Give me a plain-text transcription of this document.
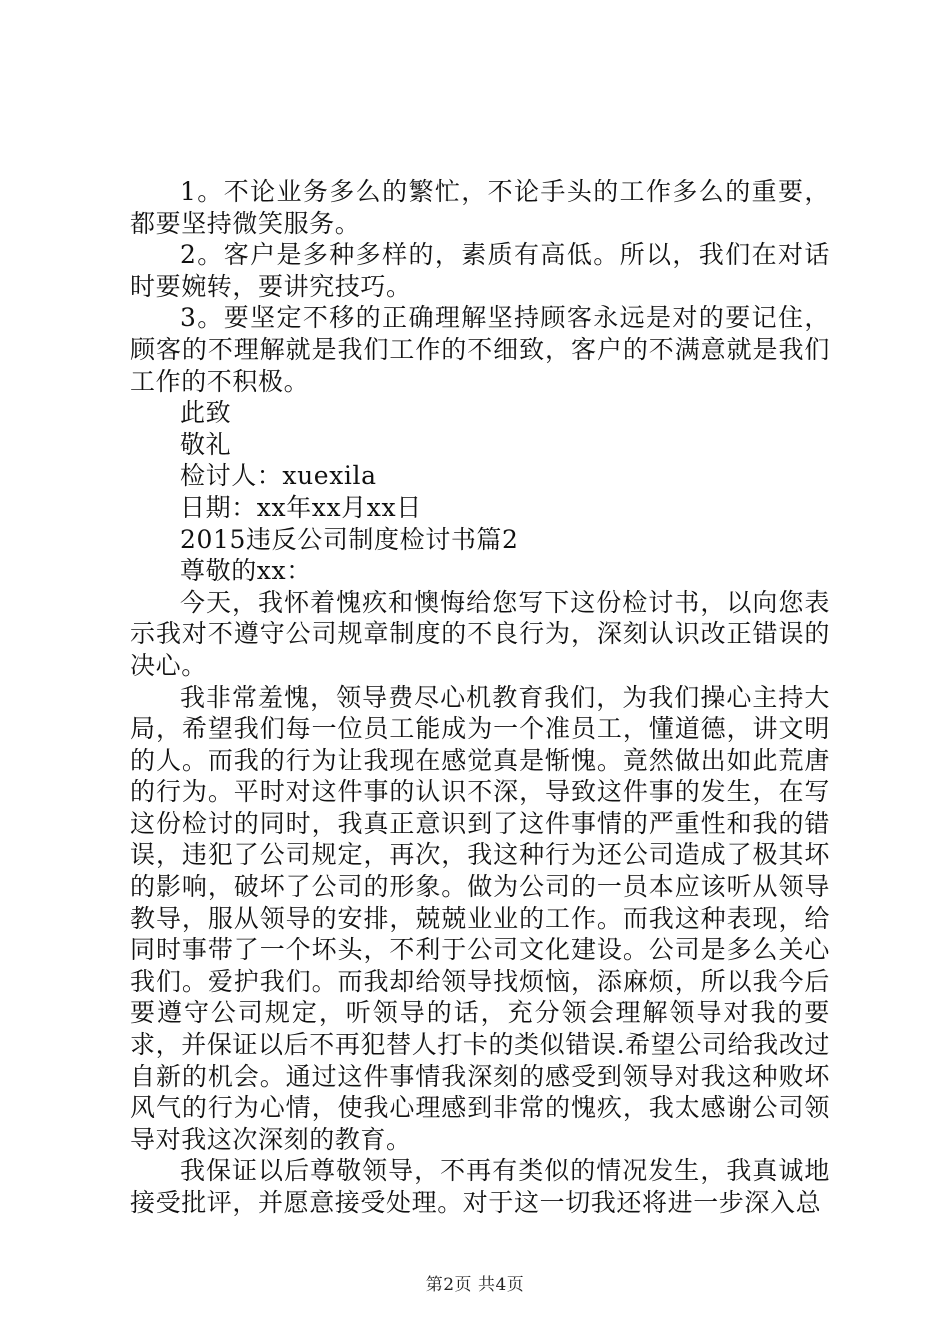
1。不论业务多么的繁忙，不论手头的工作多么的重要，都要坚持微笑服务。

2。客户是多种多样的，素质有高低。所以，我们在对话时要婉转，要讲究技巧。

3。要坚定不移的正确理解坚持顾客永远是对的要记住，顾客的不理解就是我们工作的不细致，客户的不满意就是我们工作的不积极。

此致

敬礼

检讨人：xuexila

日期：xx年xx月xx日

2015违反公司制度检讨书篇2

尊敬的xx：

今天，我怀着愧疚和懊悔给您写下这份检讨书，以向您表示我对不遵守公司规章制度的不良行为，深刻认识改正错误的决心。

我非常羞愧，领导费尽心机教育我们，为我们操心主持大局，希望我们每一位员工能成为一个准员工，懂道德，讲文明的人。而我的行为让我现在感觉真是惭愧。竟然做出如此荒唐的行为。平时对这件事的认识不深，导致这件事的发生，在写这份检讨的同时，我真正意识到了这件事情的严重性和我的错误，违犯了公司规定，再次，我这种行为还公司造成了极其坏的影响，破坏了公司的形象。做为公司的一员本应该听从领导教导，服从领导的安排，兢兢业业的工作。而我这种表现，给同时事带了一个坏头，不利于公司文化建设。公司是多么关心我们。爱护我们。而我却给领导找烦恼，添麻烦，所以我今后要遵守公司规定，听领导的话，充分领会理解领导对我的要求，并保证以后不再犯替人打卡的类似错误.希望公司给我改过自新的机会。通过这件事情我深刻的感受到领导对我这种败坏风气的行为心情，使我心理感到非常的愧疚，我太感谢公司领导对我这次深刻的教育。

我保证以后尊敬领导，不再有类似的情况发生，我真诚地接受批评，并愿意接受处理。对于这一切我还将进一步深入总

第2页 共4页
